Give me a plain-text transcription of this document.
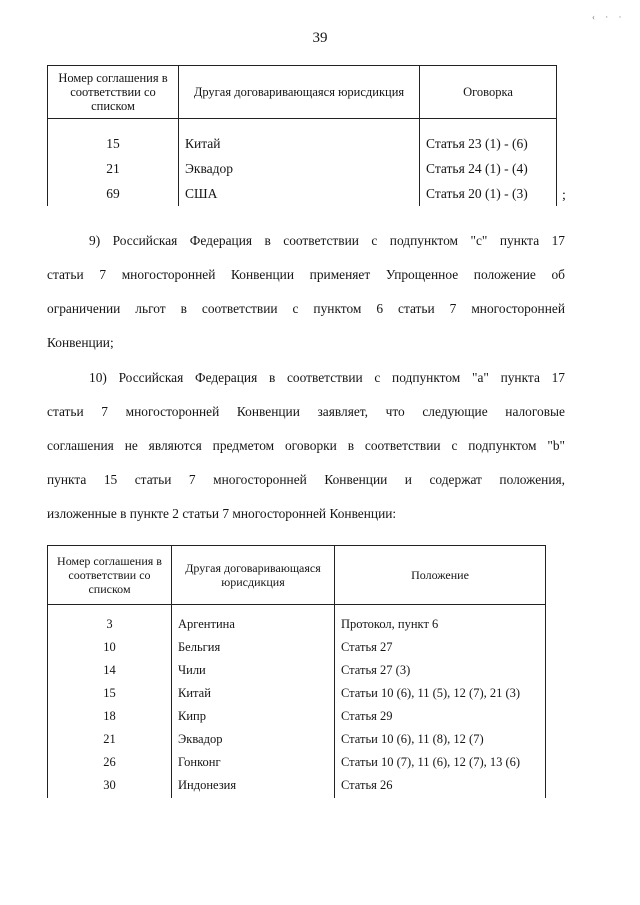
39
‹ · ·
Номер соглашения в соответствии со списком	Другая договаривающаяся юрисдикция	Оговорка
15	Китай	Статья 23 (1) - (6)
21	Эквадор	Статья 24 (1) - (4)
69	США	Статья 20 (1) - (3) ;
9) Российская Федерация в соответствии с подпунктом "c" пункта 17
статьи 7 многосторонней Конвенции применяет Упрощенное положение об
ограничении льгот в соответствии с пунктом 6 статьи 7 многосторонней
Конвенции;
10) Российская Федерация в соответствии с подпунктом "a" пункта 17
статьи 7 многосторонней Конвенции заявляет, что следующие налоговые
соглашения не являются предметом оговорки в соответствии с подпунктом "b"
пункта 15 статьи 7 многосторонней Конвенции и содержат положения,
изложенные в пункте 2 статьи 7 многосторонней Конвенции:
Номер соглашения в соответствии со списком	Другая договаривающаяся юрисдикция	Положение
3	Аргентина	Протокол, пункт 6
10	Бельгия	Статья 27
14	Чили	Статья 27 (3)
15	Китай	Статьи 10 (6), 11 (5), 12 (7), 21 (3)
18	Кипр	Статья 29
21	Эквадор	Статьи 10 (6), 11 (8), 12 (7)
26	Гонконг	Статьи 10 (7), 11 (6), 12 (7), 13 (6)
30	Индонезия	Статья 26
